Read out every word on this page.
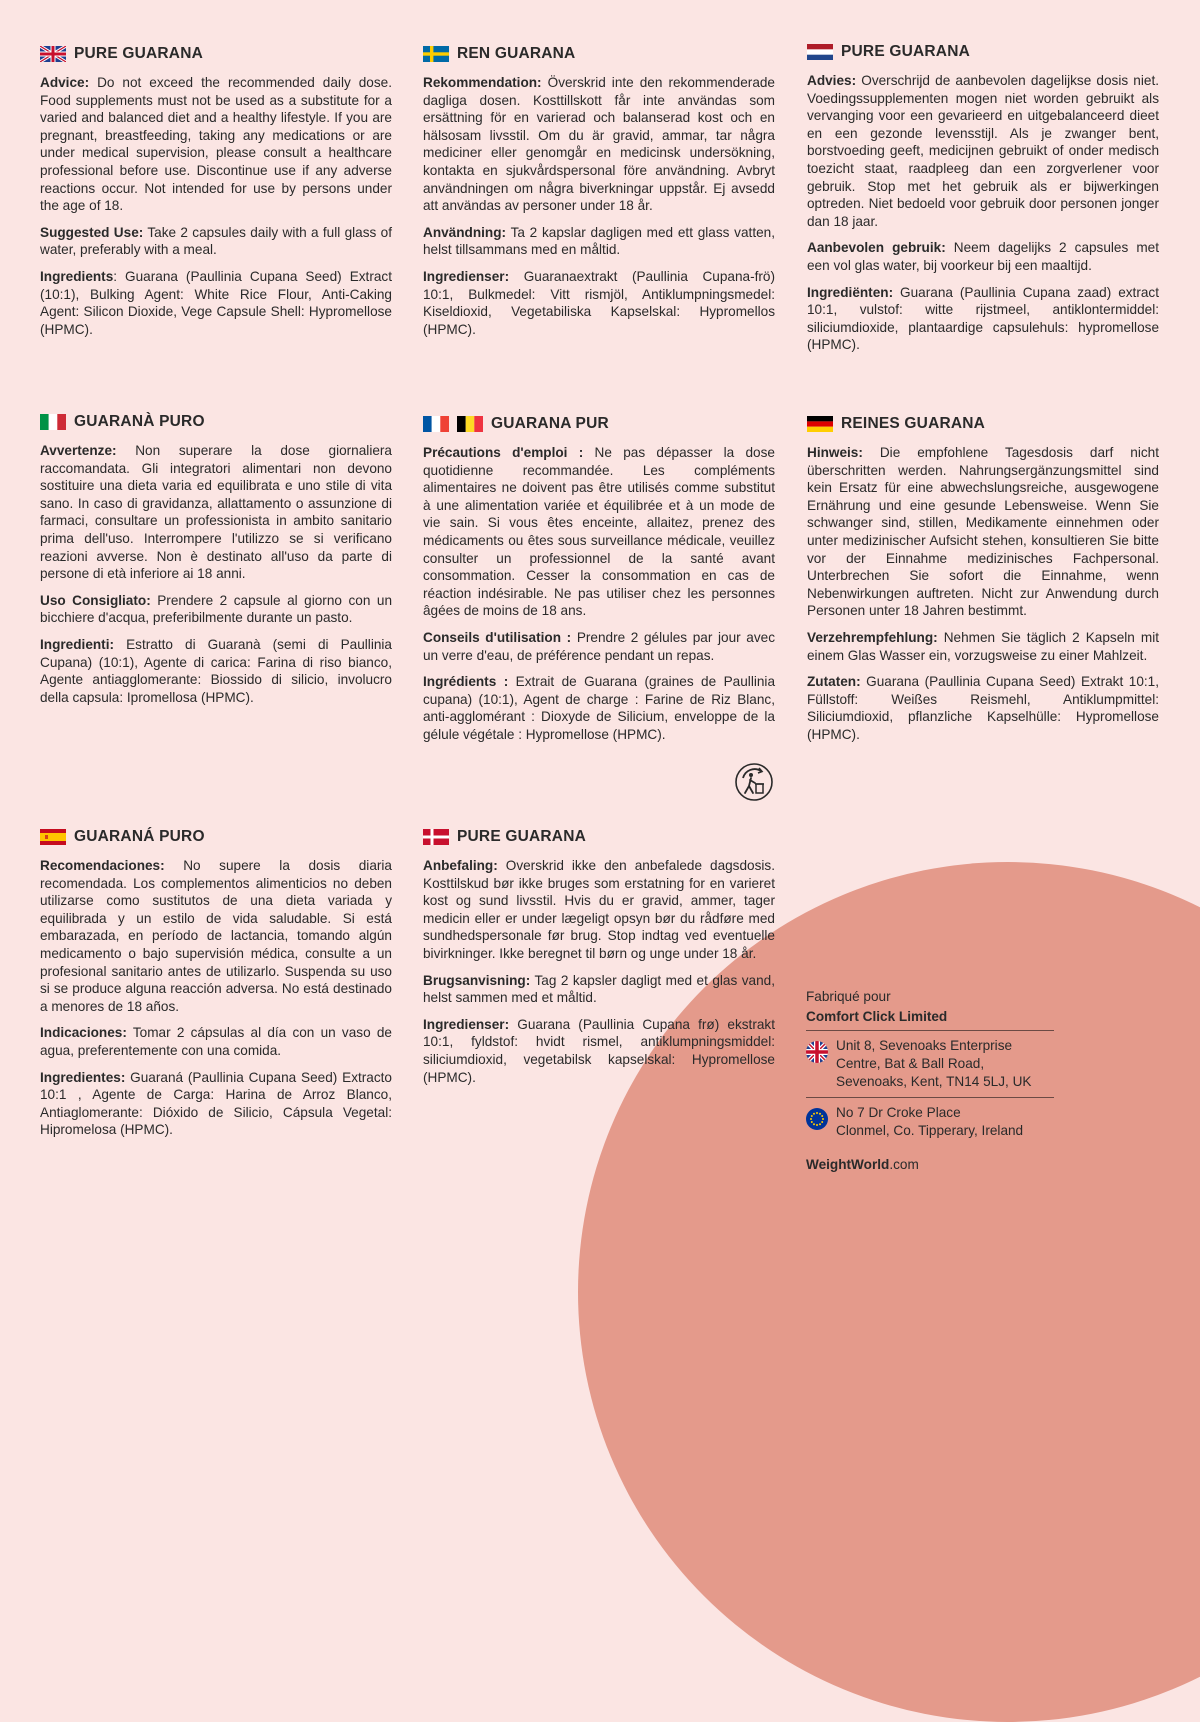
PURE GUARANA

Advice: Do not exceed the recommended daily dose. Food supplements must not be used as a substitute for a varied and balanced diet and a healthy lifestyle. If you are pregnant, breastfeeding, taking any medications or are under medical supervision, please consult a healthcare professional before use. Discontinue use if any adverse reactions occur. Not intended for use by persons under the age of 18.

Suggested Use: Take 2 capsules daily with a full glass of water, preferably with a meal.

Ingredients: Guarana (Paullinia Cupana Seed) Extract (10:1), Bulking Agent: White Rice Flour, Anti-Caking Agent: Silicon Dioxide, Vege Capsule Shell: Hypromellose (HPMC).

REN GUARANA

Rekommendation: Överskrid inte den rekommenderade dagliga dosen. Kosttillskott får inte användas som ersättning för en varierad och balanserad kost och en hälsosam livsstil. Om du är gravid, ammar, tar några mediciner eller genomgår en medicinsk undersökning, kontakta en sjukvårdspersonal före användning. Avbryt användningen om några biverkningar uppstår. Ej avsedd att användas av personer under 18 år.

Användning: Ta 2 kapslar dagligen med ett glass vatten, helst tillsammans med en måltid.

Ingredienser: Guaranaextrakt (Paullinia Cupana-frö) 10:1, Bulkmedel: Vitt rismjöl, Antiklumpningsmedel: Kiseldioxid, Vegetabiliska Kapselskal: Hypromellos (HPMC).

PURE GUARANA

Advies: Overschrijd de aanbevolen dagelijkse dosis niet. Voedingssupplementen mogen niet worden gebruikt als vervanging voor een gevarieerd en uitgebalanceerd dieet en een gezonde levensstijl. Als je zwanger bent, borstvoeding geeft, medicijnen gebruikt of onder medisch toezicht staat, raadpleeg dan een zorgverlener voor gebruik. Stop met het gebruik als er bijwerkingen optreden. Niet bedoeld voor gebruik door personen jonger dan 18 jaar.

Aanbevolen gebruik: Neem dagelijks 2 capsules met een vol glas water, bij voorkeur bij een maaltijd.

Ingrediënten: Guarana (Paullinia Cupana zaad) extract 10:1, vulstof: witte rijstmeel, antiklontermiddel: siliciumdioxide, plantaardige capsulehuls: hypromellose (HPMC).

GUARANÀ PURO

Avvertenze: Non superare la dose giornaliera raccomandata. Gli integratori alimentari non devono sostituire una dieta varia ed equilibrata e uno stile di vita sano. In caso di gravidanza, allattamento o assunzione di farmaci, consultare un professionista in ambito sanitario prima dell'uso. Interrompere l'utilizzo se si verificano reazioni avverse. Non è destinato all'uso da parte di persone di età inferiore ai 18 anni.

Uso Consigliato: Prendere 2 capsule al giorno con un bicchiere d'acqua, preferibilmente durante un pasto.

Ingredienti: Estratto di Guaranà (semi di Paullinia Cupana) (10:1), Agente di carica: Farina di riso bianco, Agente antiagglomerante: Biossido di silicio, involucro della capsula: Ipromellosa (HPMC).

GUARANA PUR

Précautions d'emploi : Ne pas dépasser la dose quotidienne recommandée. Les compléments alimentaires ne doivent pas être utilisés comme substitut à une alimentation variée et équilibrée et à un mode de vie sain. Si vous êtes enceinte, allaitez, prenez des médicaments ou êtes sous surveillance médicale, veuillez consulter un professionnel de la santé avant consommation. Cesser la consommation en cas de réaction indésirable. Ne pas utiliser chez les personnes âgées de moins de 18 ans.

Conseils d'utilisation : Prendre 2 gélules par jour avec un verre d'eau, de préférence pendant un repas.

Ingrédients : Extrait de Guarana (graines de Paullinia cupana) (10:1), Agent de charge : Farine de Riz Blanc, anti-agglomérant : Dioxyde de Silicium, enveloppe de la gélule végétale : Hypromellose (HPMC).

REINES GUARANA

Hinweis: Die empfohlene Tagesdosis darf nicht überschritten werden. Nahrungsergänzungsmittel sind kein Ersatz für eine abwechslungsreiche, ausgewogene Ernährung und eine gesunde Lebensweise. Wenn Sie schwanger sind, stillen, Medikamente einnehmen oder unter medizinischer Aufsicht stehen, konsultieren Sie bitte vor der Einnahme medizinisches Fachpersonal. Unterbrechen Sie sofort die Einnahme, wenn Nebenwirkungen auftreten. Nicht zur Anwendung durch Personen unter 18 Jahren bestimmt.

Verzehrempfehlung: Nehmen Sie täglich 2 Kapseln mit einem Glas Wasser ein, vorzugsweise zu einer Mahlzeit.

Zutaten: Guarana (Paullinia Cupana Seed) Extrakt 10:1, Füllstoff: Weißes Reismehl, Antiklumpmittel: Siliciumdioxid, pflanzliche Kapselhülle: Hypromellose (HPMC).

GUARANÁ PURO

Recomendaciones: No supere la dosis diaria recomendada. Los complementos alimenticios no deben utilizarse como sustitutos de una dieta variada y equilibrada y un estilo de vida saludable. Si está embarazada, en período de lactancia, tomando algún medicamento o bajo supervisión médica, consulte a un profesional sanitario antes de utilizarlo. Suspenda su uso si se produce alguna reacción adversa. No está destinado a menores de 18 años.

Indicaciones: Tomar 2 cápsulas al día con un vaso de agua, preferentemente con una comida.

Ingredientes: Guaraná (Paullinia Cupana Seed) Extracto 10:1 , Agente de Carga: Harina de Arroz Blanco, Antiaglomerante: Dióxido de Silicio, Cápsula Vegetal: Hipromelosa (HPMC).

PURE GUARANA

Anbefaling: Overskrid ikke den anbefalede dagsdosis. Kosttilskud bør ikke bruges som erstatning for en varieret kost og sund livsstil. Hvis du er gravid, ammer, tager medicin eller er under lægeligt opsyn bør du rådføre med sundhedspersonale før brug. Stop indtag ved eventuelle bivirkninger. Ikke beregnet til børn og unge under 18 år.

Brugsanvisning: Tag 2 kapsler dagligt med et glas vand, helst sammen med et måltid.

Ingredienser: Guarana (Paullinia Cupana frø) ekstrakt 10:1, fyldstof: hvidt rismel, antiklumpningsmiddel: siliciumdioxid, vegetabilsk kapselskal: Hypromellose (HPMC).

Fabriqué pour
Comfort Click Limited
Unit 8, Sevenoaks Enterprise
Centre, Bat & Ball Road,
Sevenoaks, Kent, TN14 5LJ, UK
No 7 Dr Croke Place
Clonmel, Co. Tipperary, Ireland
WeightWorld.com
